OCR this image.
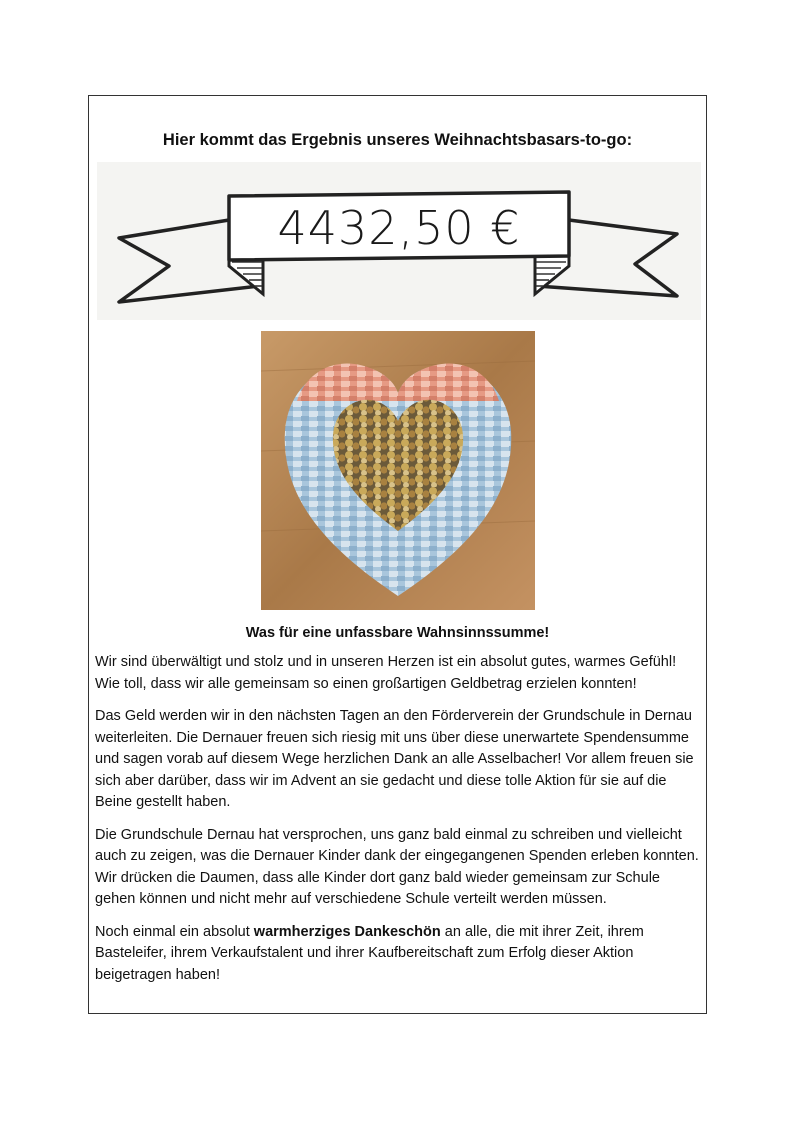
Hier kommt das Ergebnis unseres Weihnachtsbasars-to-go:
4432,50 €
Was für eine unfassbare Wahnsinnssumme!

Wir sind überwältigt und stolz und in unseren Herzen ist ein absolut gutes, warmes Gefühl! Wie toll, dass wir alle gemeinsam so einen großartigen Geldbetrag erzielen konnten!

Das Geld werden wir in den nächsten Tagen an den Förderverein der Grundschule in Dernau weiterleiten. Die Dernauer freuen sich riesig mit uns über diese unerwartete Spendensumme und sagen vorab auf diesem Wege herzlichen Dank an alle Asselbacher! Vor allem freuen sie sich aber darüber, dass wir im Advent an sie gedacht und diese tolle Aktion für sie auf die Beine gestellt haben.

Die Grundschule Dernau hat versprochen, uns ganz bald einmal zu schreiben und vielleicht auch zu zeigen, was die Dernauer Kinder dank der eingegangenen Spenden erleben konnten. Wir drücken die Daumen, dass alle Kinder dort ganz bald wieder gemeinsam zur Schule gehen können und nicht mehr auf verschiedene Schule verteilt werden müssen.

Noch einmal ein absolut warmherziges Dankeschön an alle, die mit ihrer Zeit, ihrem Basteleifer, ihrem Verkaufstalent und ihrer Kaufbereitschaft zum Erfolg dieser Aktion beigetragen haben!
